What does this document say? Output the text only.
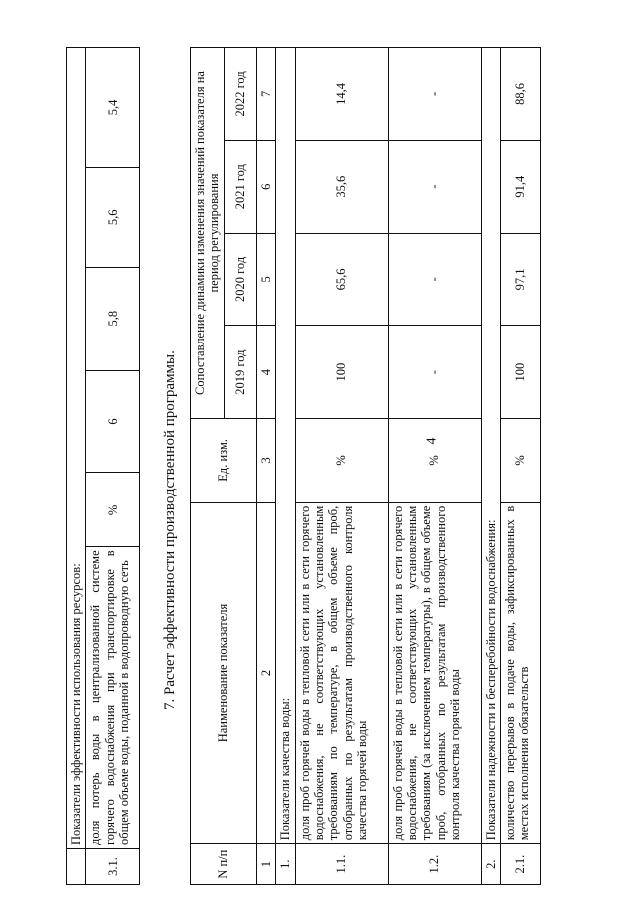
4
	Показатели эффективности использования ресурсов:					
3.1.	доля потерь воды в централизованной системе горячего водоснабжения при транспортировке в общем объеме воды, поданной в водопроводную сеть	%	6	5,8	5,6	5,4
7. Расчет эффективности производственной программы.
N п/п	Наименование показателя	Ед. изм.	Сопоставление динамики изменения значений показателя на период регулирования			
			2019 год	2020 год	2021 год	2022 год
1	2	3	4	5	6	7
1.	Показатели качества воды:					
1.1.	доля проб горячей воды в тепловой сети или в сети горячего водоснабжения, не соответствующих установленным требованиям по температуре, в общем объеме проб, отобранных по результатам производственного контроля качества горячей воды	%	100	65,6	35,6	14,4
1.2.	доля проб горячей воды в тепловой сети или в сети горячего водоснабжения, не соответствующих установленным требованиям (за исключением температуры), в общем объеме проб, отобранных по результатам производственного контроля качества горячей воды	%	-	-	-	-
2.	Показатели надежности и бесперебойности водоснабжения:					
2.1.	количество перерывов в подаче воды, зафиксированных в местах исполнения обязательств	%	100	97,1	91,4	88,6
